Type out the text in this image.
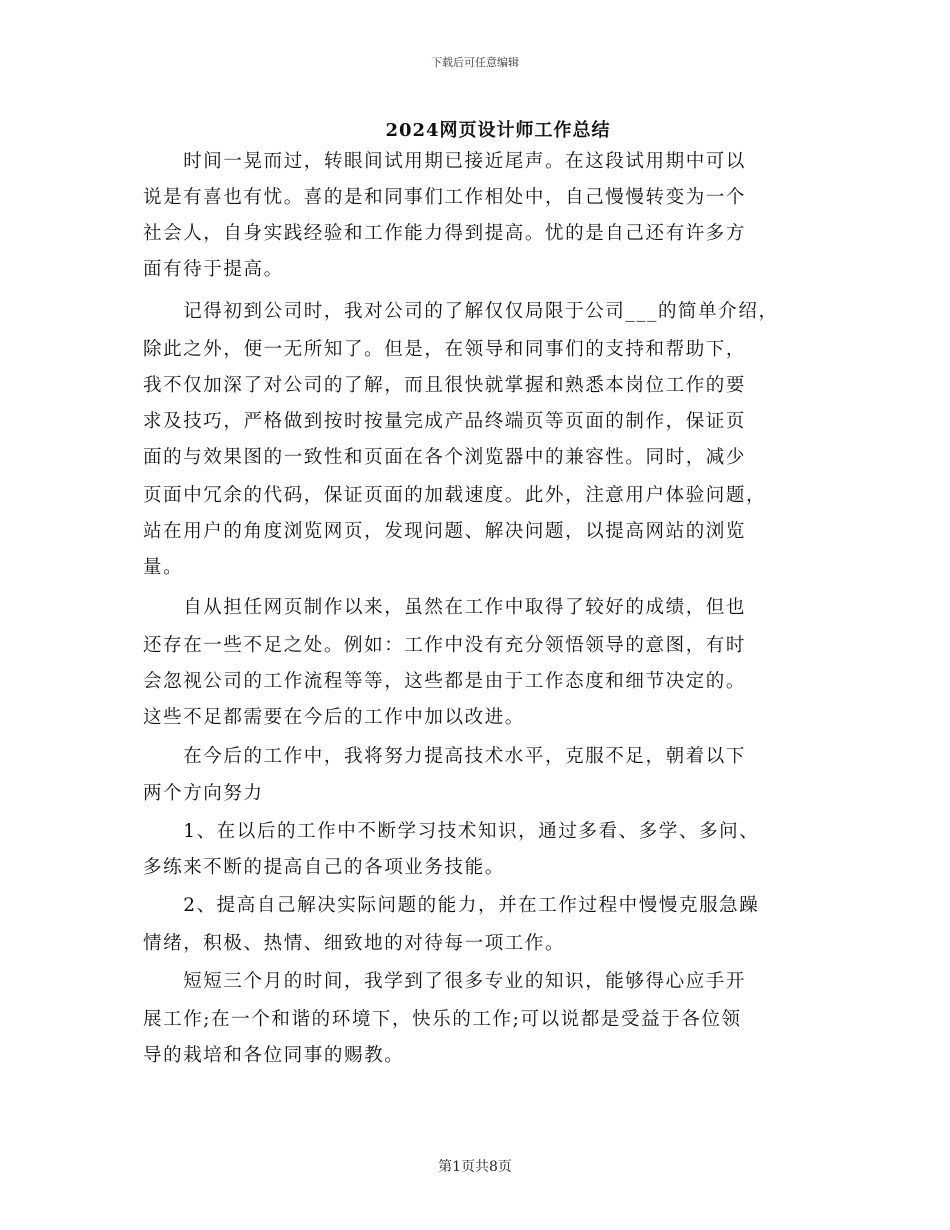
下载后可任意编辑
2024网页设计师工作总结
　　时间一晃而过，转眼间试用期已接近尾声。在这段试用期中可以
说是有喜也有忧。喜的是和同事们工作相处中，自己慢慢转变为一个
社会人，自身实践经验和工作能力得到提高。忧的是自己还有许多方
面有待于提高。
　　记得初到公司时，我对公司的了解仅仅局限于公司___的简单介绍，
除此之外，便一无所知了。但是，在领导和同事们的支持和帮助下，
我不仅加深了对公司的了解，而且很快就掌握和熟悉本岗位工作的要
求及技巧，严格做到按时按量完成产品终端页等页面的制作，保证页
面的与效果图的一致性和页面在各个浏览器中的兼容性。同时，减少
页面中冗余的代码，保证页面的加载速度。此外，注意用户体验问题，
站在用户的角度浏览网页，发现问题、解决问题，以提高网站的浏览
量。
　　自从担任网页制作以来，虽然在工作中取得了较好的成绩，但也
还存在一些不足之处。例如：工作中没有充分领悟领导的意图，有时
会忽视公司的工作流程等等，这些都是由于工作态度和细节决定的。
这些不足都需要在今后的工作中加以改进。
　　在今后的工作中，我将努力提高技术水平，克服不足，朝着以下
两个方向努力
　　1、在以后的工作中不断学习技术知识，通过多看、多学、多问、
多练来不断的提高自己的各项业务技能。
　　2、提高自己解决实际问题的能力，并在工作过程中慢慢克服急躁
情绪，积极、热情、细致地的对待每一项工作。
　　短短三个月的时间，我学到了很多专业的知识，能够得心应手开
展工作;在一个和谐的环境下，快乐的工作;可以说都是受益于各位领
导的栽培和各位同事的赐教。
第1页共8页
